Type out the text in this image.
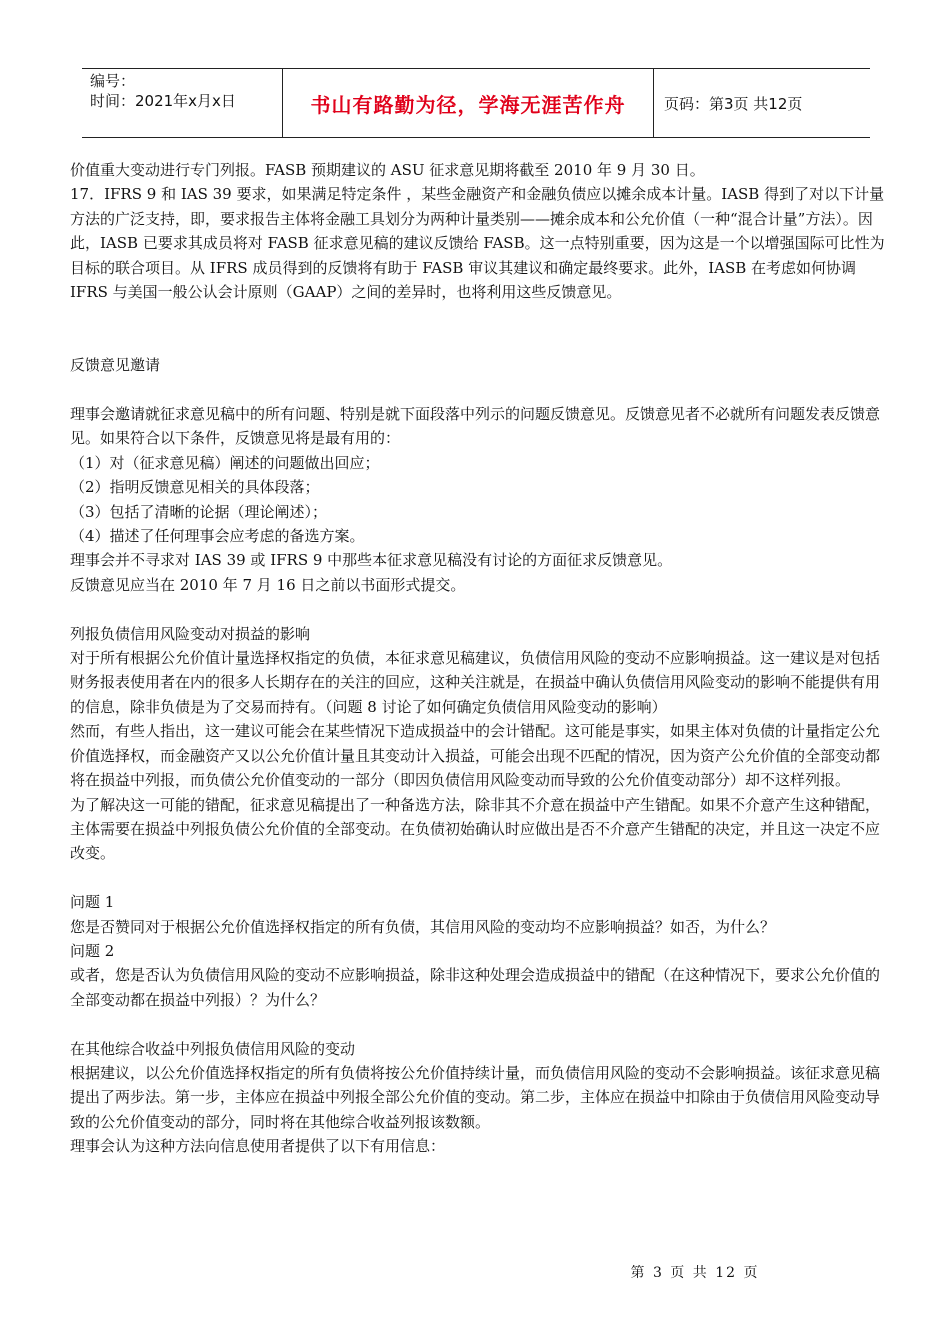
编号：
时间：2021年x月x日	书山有路勤为径，学海无涯苦作舟	页码：第3页 共12页

价值重大变动进行专门列报。FASB 预期建议的 ASU 征求意见期将截至 2010 年 9 月 30 日。

17．IFRS 9 和 IAS 39 要求，如果满足特定条件 ，某些金融资产和金融负债应以摊余成本计量。IASB 得到了对以下计量方法的广泛支持，即，要求报告主体将金融工具划分为两种计量类别——摊余成本和公允价值（一种“混合计量”方法）。因此，IASB 已要求其成员将对 FASB 征求意见稿的建议反馈给 FASB。这一点特别重要，因为这是一个以增强国际可比性为目标的联合项目。从 IFRS 成员得到的反馈将有助于 FASB 审议其建议和确定最终要求。此外，IASB 在考虑如何协调 IFRS 与美国一般公认会计原则（GAAP）之间的差异时，也将利用这些反馈意见。

反馈意见邀请

理事会邀请就征求意见稿中的所有问题、特别是就下面段落中列示的问题反馈意见。反馈意见者不必就所有问题发表反馈意见。如果符合以下条件，反馈意见将是最有用的：

（1）对（征求意见稿）阐述的问题做出回应；

（2）指明反馈意见相关的具体段落；

（3）包括了清晰的论据（理论阐述）；

（4）描述了任何理事会应考虑的备选方案。

理事会并不寻求对 IAS 39 或 IFRS 9 中那些本征求意见稿没有讨论的方面征求反馈意见。

反馈意见应当在 2010 年 7 月 16 日之前以书面形式提交。

列报负债信用风险变动对损益的影响

对于所有根据公允价值计量选择权指定的负债，本征求意见稿建议，负债信用风险的变动不应影响损益。这一建议是对包括财务报表使用者在内的很多人长期存在的关注的回应，这种关注就是，在损益中确认负债信用风险变动的影响不能提供有用的信息，除非负债是为了交易而持有。（问题 8 讨论了如何确定负债信用风险变动的影响）

然而，有些人指出，这一建议可能会在某些情况下造成损益中的会计错配。这可能是事实，如果主体对负债的计量指定公允价值选择权，而金融资产又以公允价值计量且其变动计入损益，可能会出现不匹配的情况，因为资产公允价值的全部变动都将在损益中列报，而负债公允价值变动的一部分（即因负债信用风险变动而导致的公允价值变动部分）却不这样列报。

为了解决这一可能的错配，征求意见稿提出了一种备选方法，除非其不介意在损益中产生错配。如果不介意产生这种错配，主体需要在损益中列报负债公允价值的全部变动。在负债初始确认时应做出是否不介意产生错配的决定，并且这一决定不应改变。

问题 1

您是否赞同对于根据公允价值选择权指定的所有负债，其信用风险的变动均不应影响损益？如否，为什么？

问题 2

或者，您是否认为负债信用风险的变动不应影响损益，除非这种处理会造成损益中的错配（在这种情况下，要求公允价值的全部变动都在损益中列报）？为什么？

在其他综合收益中列报负债信用风险的变动

根据建议，以公允价值选择权指定的所有负债将按公允价值持续计量，而负债信用风险的变动不会影响损益。该征求意见稿提出了两步法。第一步，主体应在损益中列报全部公允价值的变动。第二步，主体应在损益中扣除由于负债信用风险变动导致的公允价值变动的部分，同时将在其他综合收益列报该数额。

理事会认为这种方法向信息使用者提供了以下有用信息：

第 3 页 共 12 页
